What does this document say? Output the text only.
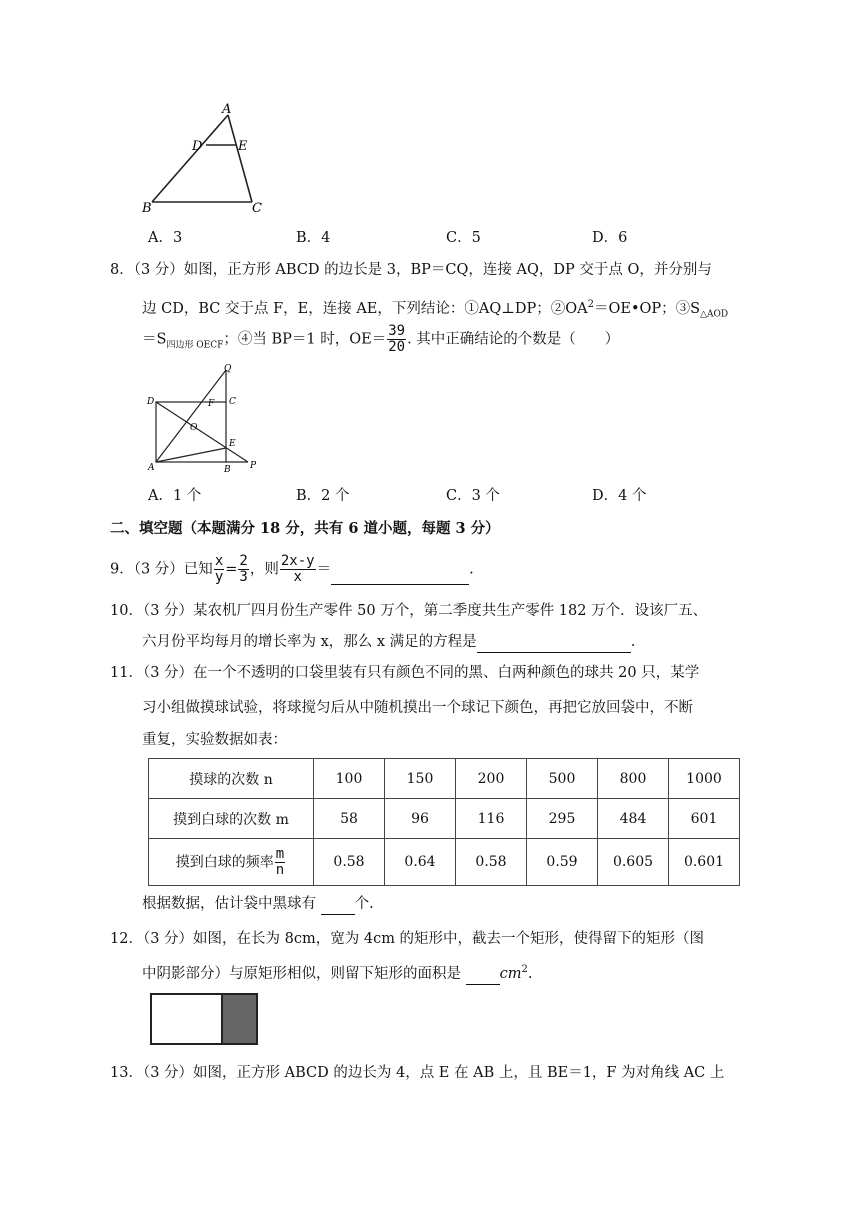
A
D	E
B	C
A．3	B．4	C．5	D．6
8．（3 分）如图，正方形 ABCD 的边长是 3，BP＝CQ，连接 AQ，DP 交于点 O，并分别与
边 CD，BC 交于点 F，E，连接 AE，下列结论：①AQ⊥DP；$②OA^2=OE•OP$；$③S_{\triangle AOD}$
$=S_{四边形 OECF}$；④当 BP＝1 时，$OE= \frac{39}{20}$ . 其中正确结论的个数是（　　）
Q
D	C
F
O
E
A	B P
A．1 个	B．2 个	C．3 个	D．4 个
二、填空题（本题满分 18 分，共有 6 道小题，每题 3 分）
9．（3 分）已知 $\frac{x}{y} = \frac{2}{3}$ ，则 $\frac{2x-y}{x}$ ＝	.
10．（3 分）某农机厂四月份生产零件 50 万个，第二季度共生产零件 182 万个．设该厂五、
六月份平均每月的增长率为 x，那么 x 满足的方程是	.
11．（3 分）在一个不透明的口袋里装有只有颜色不同的黑、白两种颜色的球共 20 只，某学
习小组做摸球试验，将球搅匀后从中随机摸出一个球记下颜色，再把它放回袋中，不断
重复，实验数据如表：
摸球的次数 n	100	150	200	500	800	1000
摸到白球的次数 m	58	96	116	295	484	601
摸到白球的频率 $\frac{m}{n}$	0.58	0.64	0.58	0.59	0.605	0.601
根据数据，估计袋中黑球有 个.
12．（3 分）如图，在长为 8cm，宽为 4cm 的矩形中，截去一个矩形，使得留下的矩形（图
中阴影部分）与原矩形相似，则留下矩形的面积是 $cm^2$.
13．（3 分）如图，正方形 ABCD 的边长为 4，点 E 在 AB 上，且 BE＝1，F 为对角线 AC 上
